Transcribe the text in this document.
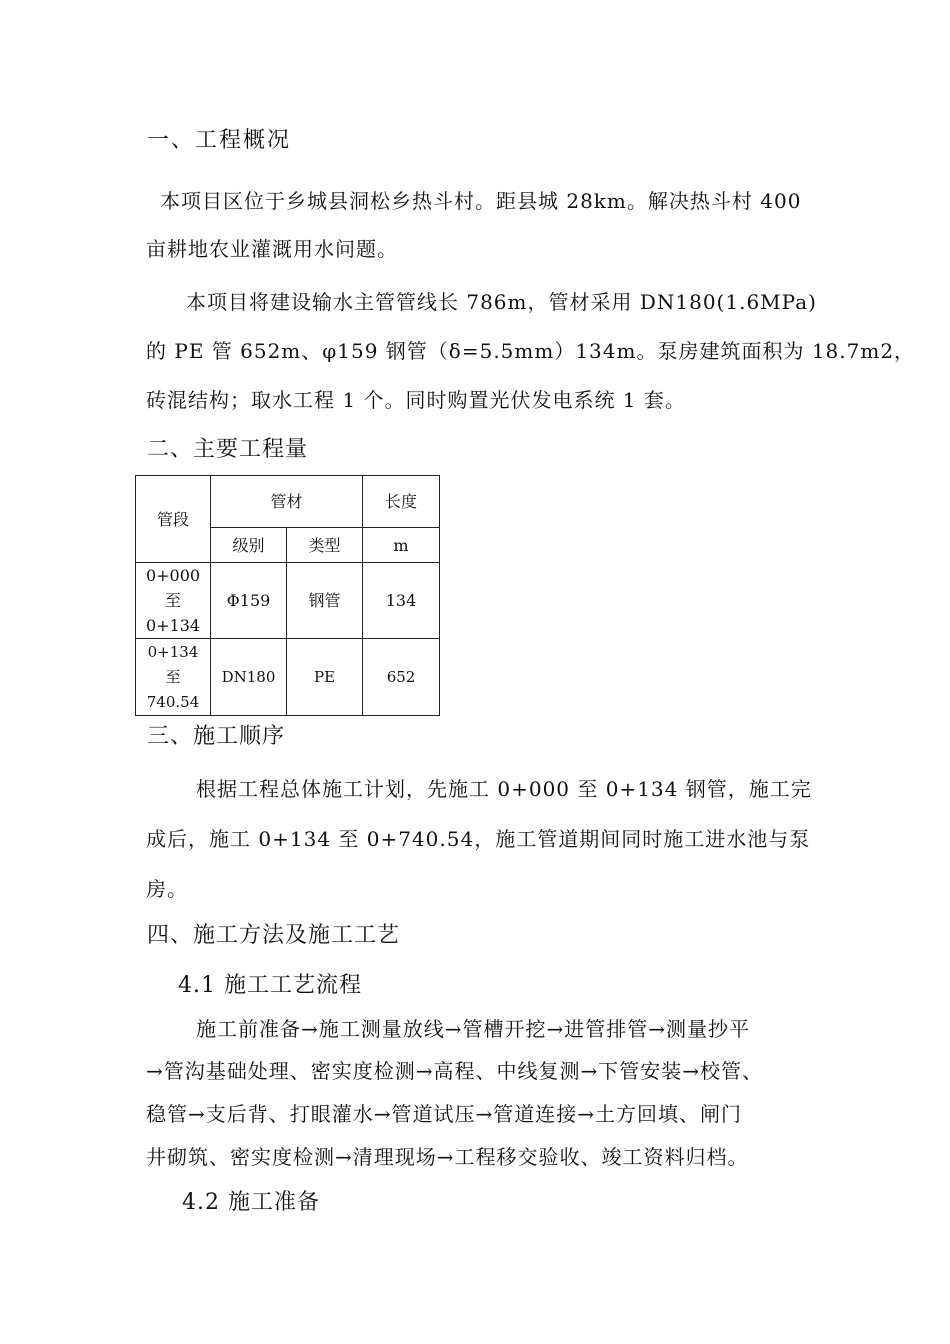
一、工程概况
本项目区位于乡城县洞松乡热斗村。距县城 28km。解决热斗村 400
亩耕地农业灌溉用水问题。
本项目将建设输水主管管线长 786m，管材采用 DN180(1.6MPa)
的 PE 管 652m、φ159 钢管（δ=5.5mm）134m。泵房建筑面积为 18.7m2，
砖混结构；取水工程 1 个。同时购置光伏发电系统 1 套。
二、主要工程量
管段	管材		长度
	级别	类型	m

0+000
至
0+134	Φ159	钢管	134

0+134
至
740.54	DN180	PE	652
三、施工顺序
根据工程总体施工计划，先施工 0+000 至 0+134 钢管，施工完
成后，施工 0+134 至 0+740.54，施工管道期间同时施工进水池与泵
房。
四、施工方法及施工工艺
4.1 施工工艺流程
施工前准备→施工测量放线→管槽开挖→进管排管→测量抄平
→管沟基础处理、密实度检测→高程、中线复测→下管安装→校管、
稳管→支后背、打眼灌水→管道试压→管道连接→土方回填、闸门
井砌筑、密实度检测→清理现场→工程移交验收、竣工资料归档。
4.2 施工准备
